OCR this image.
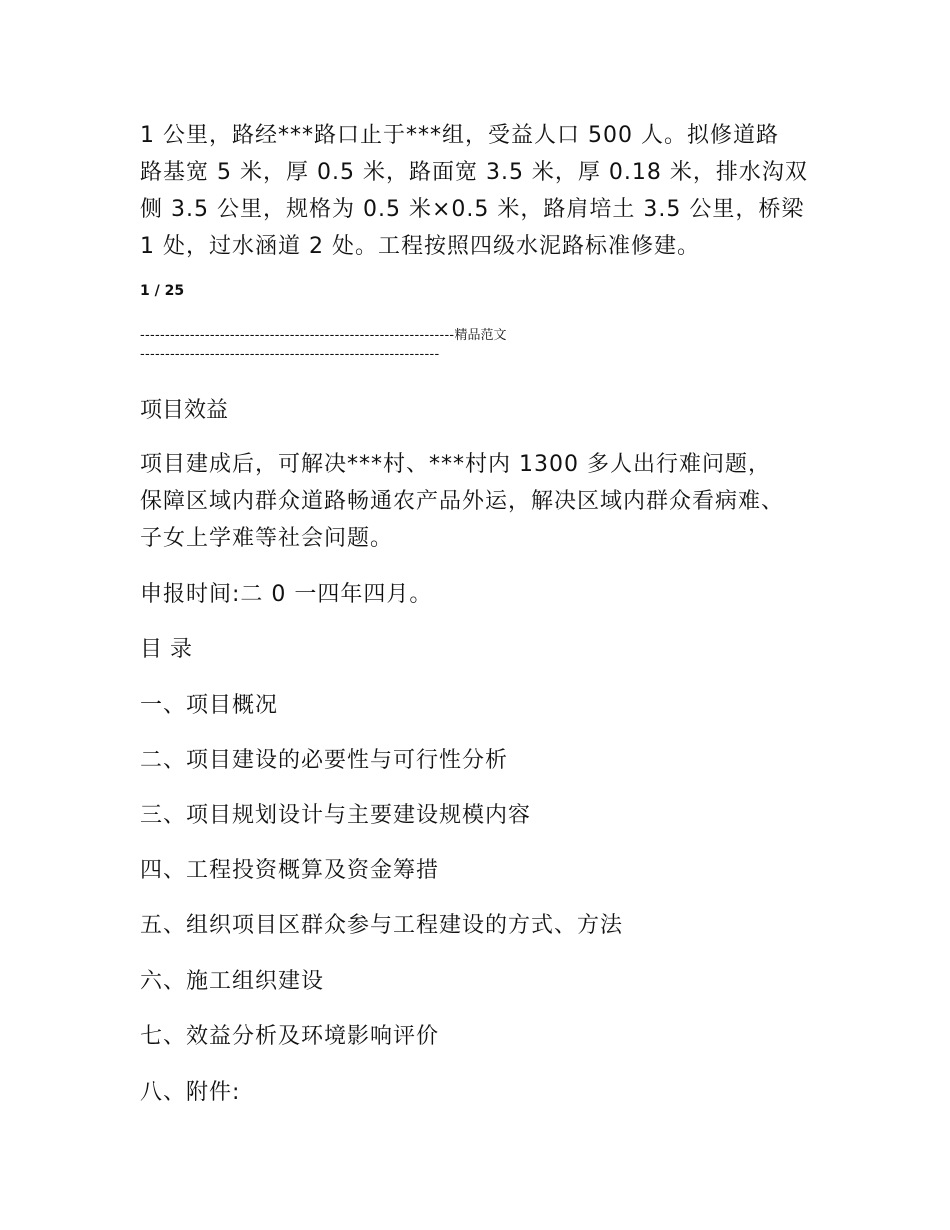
1 公里，路经***路口止于***组，受益人口 500 人。拟修道路
路基宽 5 米，厚 0.5 米，路面宽 3.5 米，厚 0.18 米，排水沟双
侧 3.5 公里，规格为 0.5 米×0.5 米，路肩培土 3.5 公里，桥梁
1 处，过水涵道 2 处。工程按照四级水泥路标准修建。

1 / 25

---------------------------------------------------------------精品范文

------------------------------------------------------------

项目效益

项目建成后，可解决***村、***村内 1300 多人出行难问题，
保障区域内群众道路畅通农产品外运，解决区域内群众看病难、
子女上学难等社会问题。

申报时间:二 0 一四年四月。

目录

一、项目概况

二、项目建设的必要性与可行性分析

三、项目规划设计与主要建设规模内容

四、工程投资概算及资金筹措

五、组织项目区群众参与工程建设的方式、方法

六、施工组织建设

七、效益分析及环境影响评价

八、附件:
